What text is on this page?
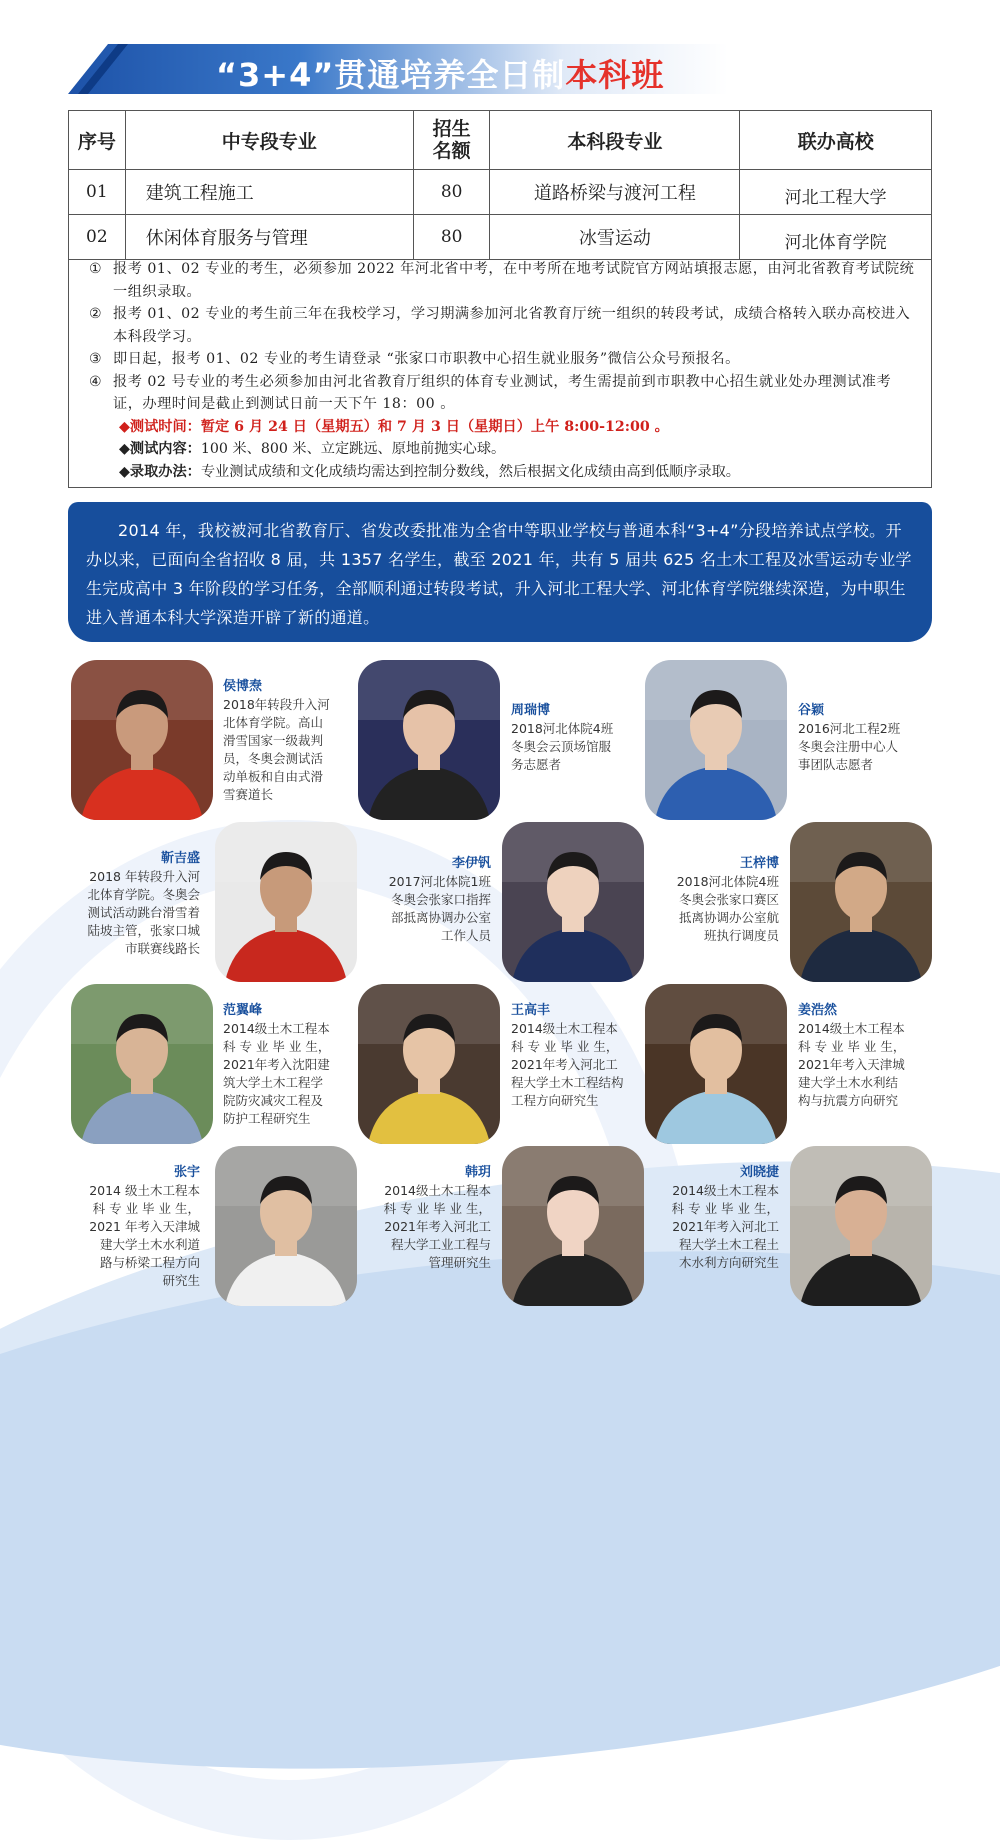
“3+4”贯通培养全日制本科班
序号	中专段专业	招生名额	本科段专业	联办高校
01	建筑工程施工	80	道路桥梁与渡河工程	河北工程大学
02	休闲体育服务与管理	80	冰雪运动	河北体育学院
① 报考 01、02 专业的考生，必须参加 2022 年河北省中考，在中考所在地考试院官方网站填报志愿，由河北省教育考试院统一组织录取。
② 报考 01、02 专业的考生前三年在我校学习，学习期满参加河北省教育厅统一组织的转段考试，成绩合格转入联办高校进入本科段学习。
③ 即日起，报考 01、02 专业的考生请登录 “张家口市职教中心招生就业服务”微信公众号预报名。
④ 报考 02 号专业的考生必须参加由河北省教育厅组织的体育专业测试，考生需提前到市职教中心招生就业处办理测试准考证，办理时间是截止到测试日前一天下午 18：00 。
◆测试时间：暂定 6 月 24 日（星期五）和 7 月 3 日（星期日）上午 8:00-12:00 。
◆测试内容：100 米、800 米、立定跳远、原地前抛实心球。
◆录取办法：专业测试成绩和文化成绩均需达到控制分数线，然后根据文化成绩由高到低顺序录取。
2014 年，我校被河北省教育厅、省发改委批准为全省中等职业学校与普通本科“3+4”分段培养试点学校。开办以来，已面向全省招收 8 届，共 1357 名学生，截至 2021 年，共有 5 届共 625 名土木工程及冰雪运动专业学生完成高中 3 年阶段的学习任务，全部顺利通过转段考试，升入河北工程大学、河北体育学院继续深造，为中职生进入普通本科大学深造开辟了新的通道。
侯博焘
2018年转段升入河
北体育学院。高山
滑雪国家一级裁判
员，冬奥会测试活
动单板和自由式滑
雪赛道长
周瑞博
2018河北体院4班
冬奥会云顶场馆服
务志愿者
谷颖
2016河北工程2班
冬奥会注册中心人
事团队志愿者
靳吉盛
2018 年转段升入河
北体育学院。冬奥会
测试活动跳台滑雪着
陆坡主管，张家口城
市联赛线路长
李伊钒
2017河北体院1班
冬奥会张家口指挥
部抵离协调办公室
工作人员
王梓博
2018河北体院4班
冬奥会张家口赛区
抵离协调办公室航
班执行调度员
范翼峰
2014级土木工程本
科 专 业 毕 业 生，
2021年考入沈阳建
筑大学土木工程学
院防灾减灾工程及
防护工程研究生
王高丰
2014级土木工程本
科 专 业 毕 业 生，
2021年考入河北工
程大学土木工程结构
工程方向研究生
姜浩然
2014级土木工程本
科 专 业 毕 业 生，
2021年考入天津城
建大学土木水利结
构与抗震方向研究
张宇
2014 级土木工程本
科 专 业 毕 业 生，
2021 年考入天津城
建大学土木水利道
路与桥梁工程方向
研究生
韩玥
2014级土木工程本
科 专 业 毕 业 生，
2021年考入河北工
程大学工业工程与
管理研究生
刘晓捷
2014级土木工程本
科 专 业 毕 业 生，
2021年考入河北工
程大学土木工程土
木水利方向研究生
